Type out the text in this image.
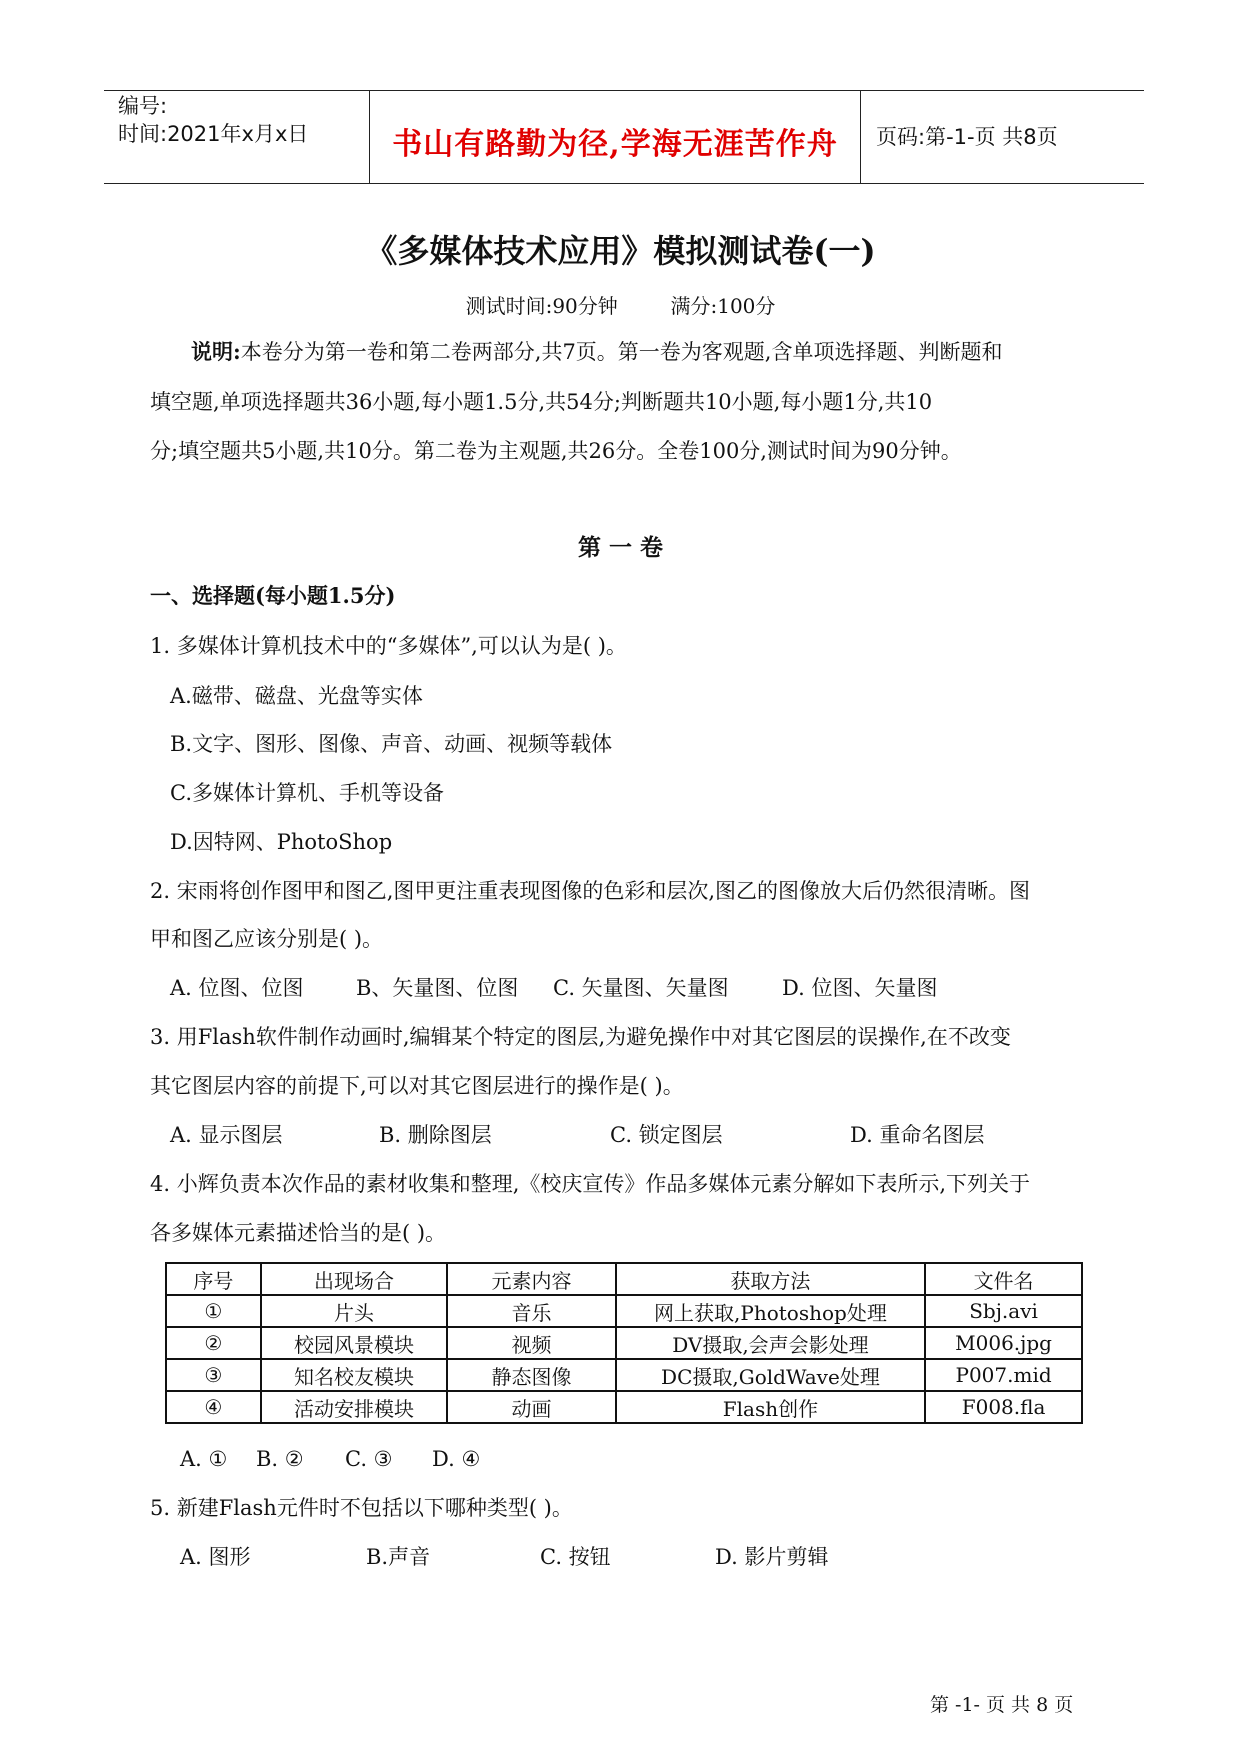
编号:
时间:2021年x月x日	书山有路勤为径,学海无涯苦作舟	页码:第-1-页 共8页
《多媒体技术应用》模拟测试卷(一)
测试时间:90分钟	满分:100分
说明:本卷分为第一卷和第二卷两部分,共7页。第一卷为客观题,含单项选择题、判断题和
填空题,单项选择题共36小题,每小题1.5分,共54分;判断题共10小题,每小题1分,共10
分;填空题共5小题,共10分。第二卷为主观题,共26分。全卷100分,测试时间为90分钟。
第 一 卷
一、选择题(每小题1.5分)
1. 多媒体计算机技术中的“多媒体”,可以认为是( )。
A.磁带、磁盘、光盘等实体
B.文字、图形、图像、声音、动画、视频等载体
C.多媒体计算机、手机等设备
D.因特网、PhotoShop
2. 宋雨将创作图甲和图乙,图甲更注重表现图像的色彩和层次,图乙的图像放大后仍然很清晰。图
甲和图乙应该分别是( )。
A. 位图、位图 B、矢量图、位图 C. 矢量图、矢量图	D. 位图、矢量图
3. 用Flash软件制作动画时,编辑某个特定的图层,为避免操作中对其它图层的误操作,在不改变
其它图层内容的前提下,可以对其它图层进行的操作是( )。
A. 显示图层	B. 删除图层	C. 锁定图层	D. 重命名图层
4. 小辉负责本次作品的素材收集和整理,《校庆宣传》作品多媒体元素分解如下表所示,下列关于
各多媒体元素描述恰当的是( )。
序号	出现场合	元素内容	获取方法	文件名
①	片头	音乐	网上获取,Photoshop处理	Sbj.avi
②	校园风景模块	视频	DV摄取,会声会影处理	M006.jpg
③	知名校友模块	静态图像	DC摄取,GoldWave处理	P007.mid
④	活动安排模块	动画	Flash创作	F008.fla
A. ① B. ② C. ③ D. ④
5. 新建Flash元件时不包括以下哪种类型( )。
A. 图形	B.声音	C. 按钮	D. 影片剪辑
第 -1- 页 共 8 页
